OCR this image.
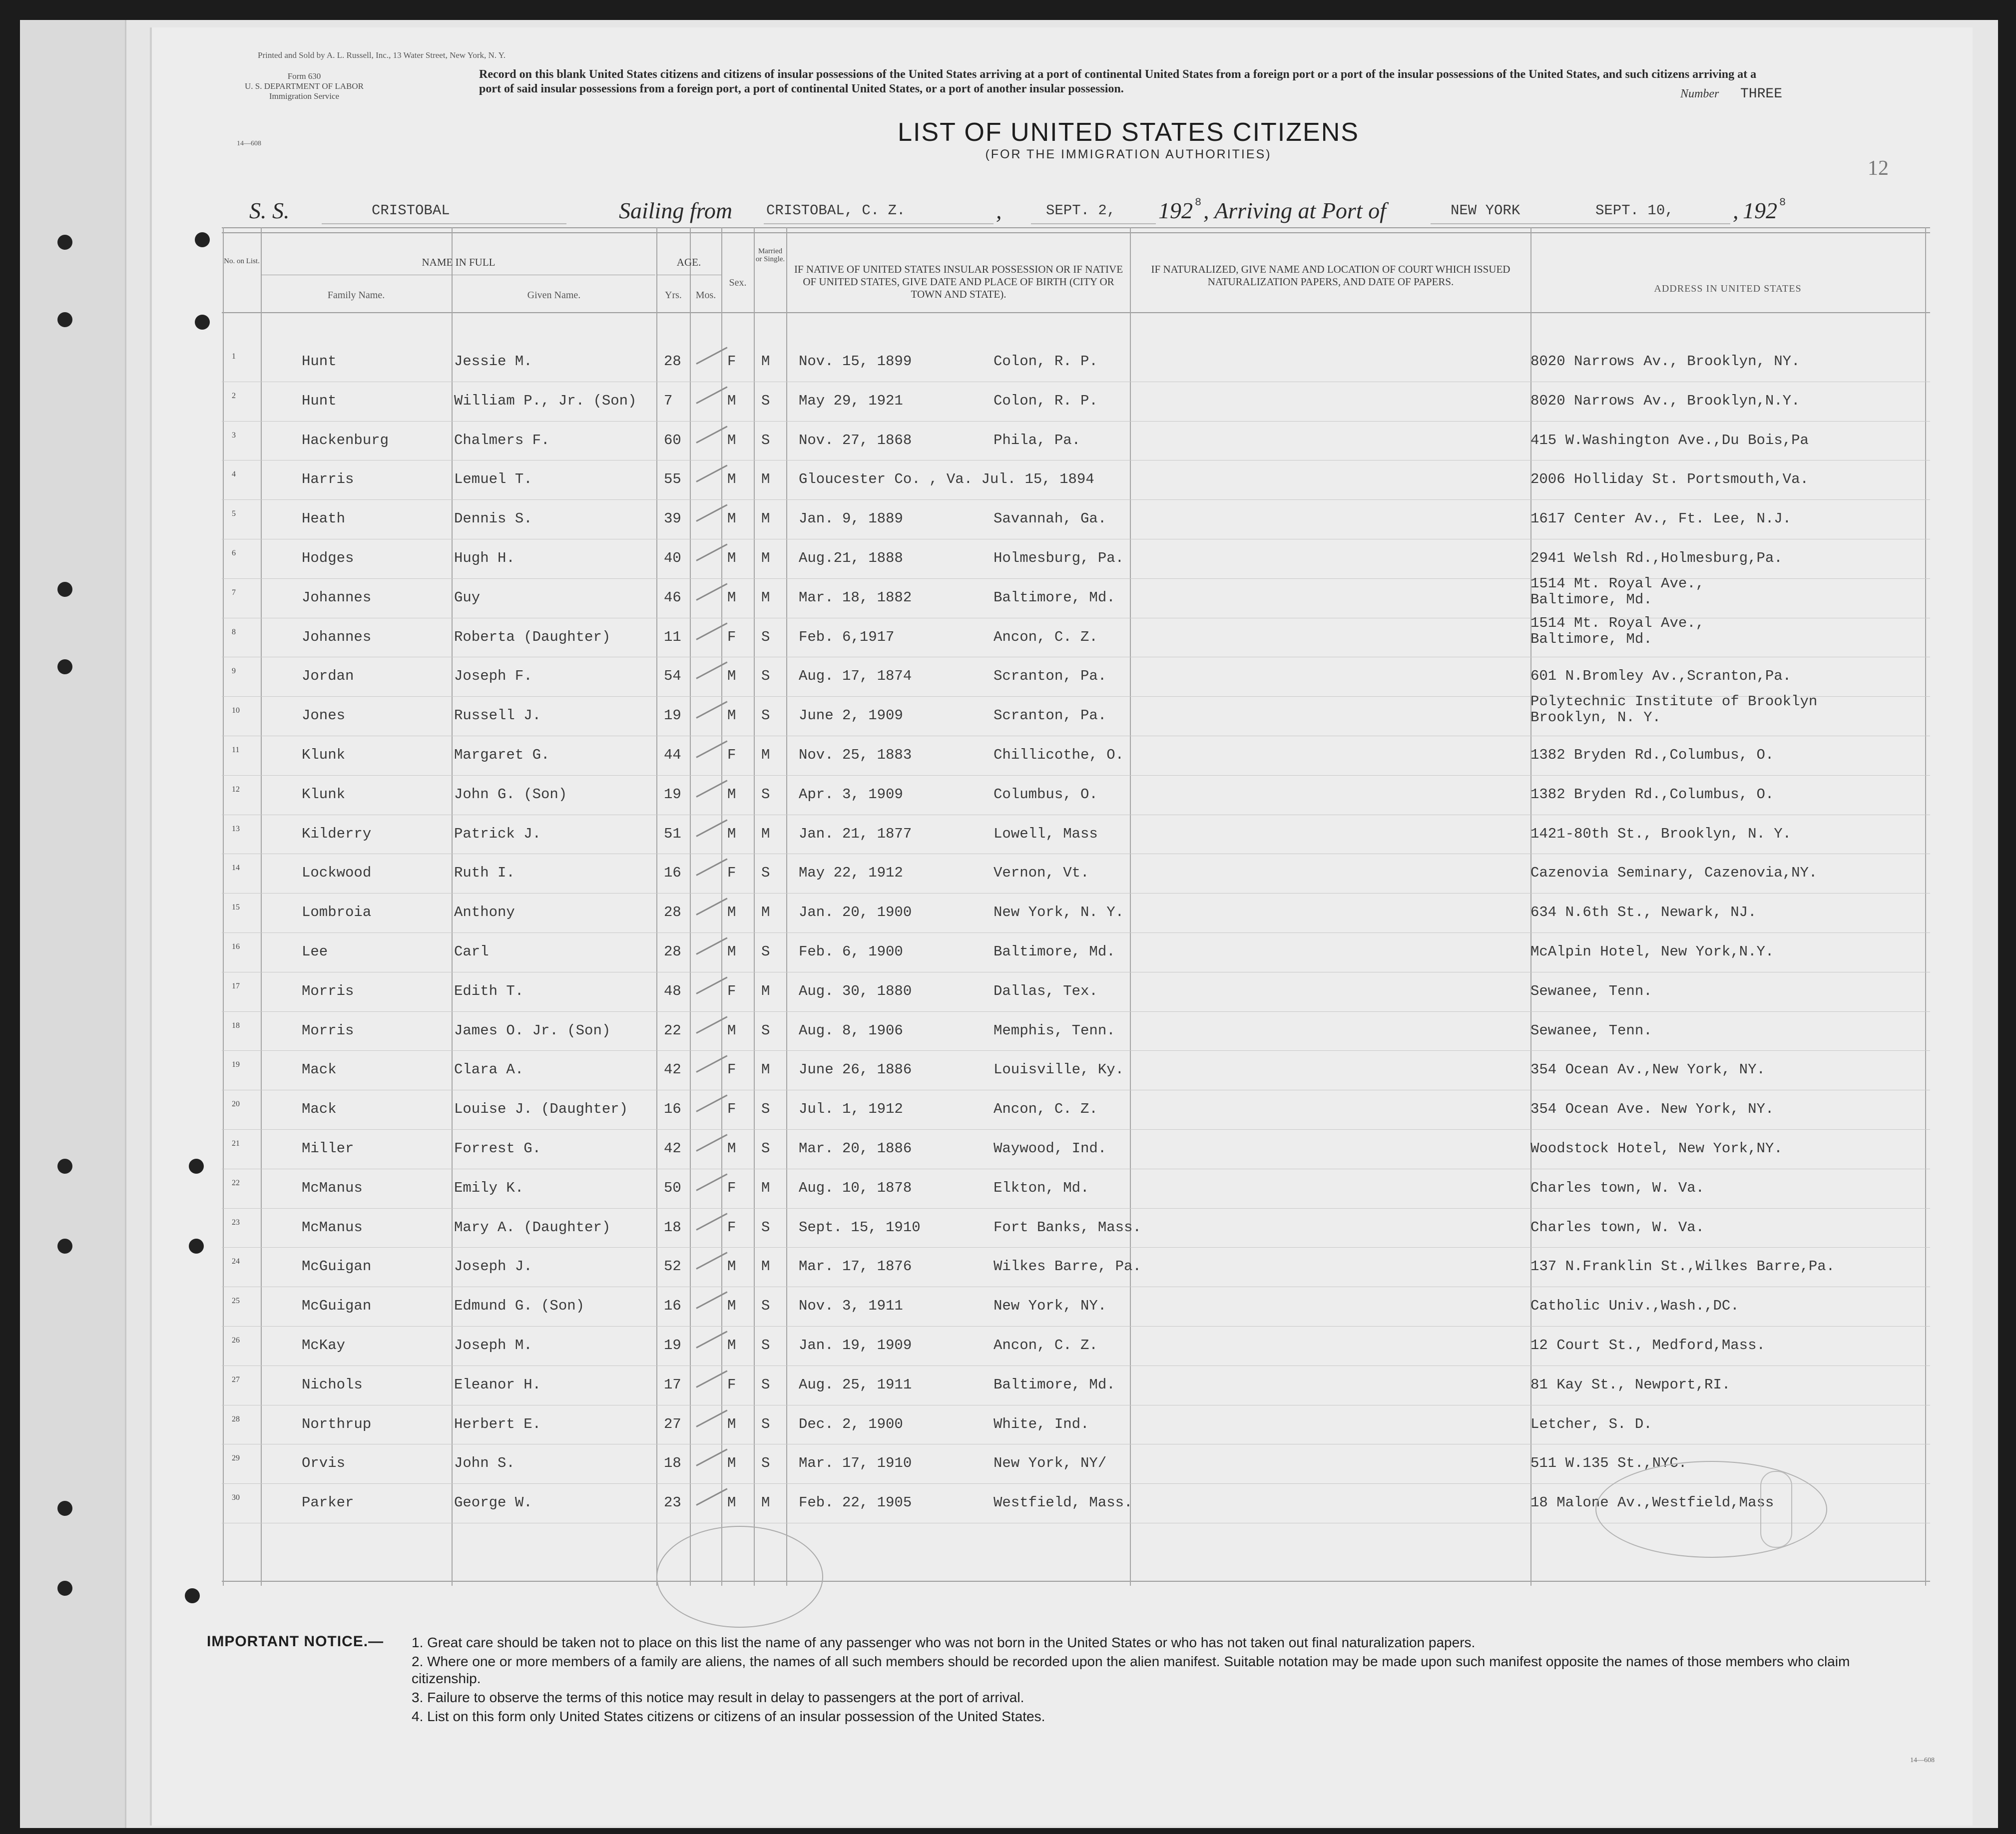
Printed and Sold by A. L. Russell, Inc., 13 Water Street, New York, N. Y.
Form 630
U. S. DEPARTMENT OF LABOR
Immigration Service
14—608
Record on this blank United States citizens and citizens of insular possessions of the United States arriving at a port of continental United States from a foreign port or a port of the insular possessions of the United States, and such citizens arriving at a port of said insular possessions from a foreign port, a port of continental United States, or a port of another insular possession.	Number THREE
LIST OF UNITED STATES CITIZENS
(FOR THE IMMIGRATION AUTHORITIES)
12
S. S.	CRISTOBAL	Sailing from CRISTOBAL, C. Z.	,	SEPT. 2, 192 8 , Arriving at Port of	NEW YORK	SEPT. 10,	, 192 8
No. on List.	NAME IN FULL
Family Name.	Given Name.
AGE.
Yrs.	Mos.
Sex.
Married or Single.
IF NATIVE OF UNITED STATES INSULAR POSSESSION OR IF NATIVE OF UNITED STATES, GIVE DATE AND PLACE OF BIRTH (CITY OR TOWN AND STATE).
IF NATURALIZED, GIVE NAME AND LOCATION OF COURT WHICH ISSUED NATURALIZATION PAPERS, AND DATE OF PAPERS.
ADDRESS IN UNITED STATES
1	Hunt	Jessie M.	28	F M Nov. 15, 1899	Colon, R. P.	8020 Narrows Av., Brooklyn, NY.
2	Hunt	William P., Jr. (Son) 7	M S May 29, 1921	Colon, R. P.	8020 Narrows Av., Brooklyn,N.Y.
3	Hackenburg	Chalmers F.	60	M S Nov. 27, 1868	Phila, Pa.	415 W.Washington Ave.,Du Bois,Pa
4	Harris	Lemuel T.	55	M M Gloucester Co. , Va. Jul. 15, 1894	2006 Holliday St. Portsmouth,Va.
5	Heath	Dennis S.	39	M M Jan. 9, 1889	Savannah, Ga.	1617 Center Av., Ft. Lee, N.J.
6	Hodges	Hugh H.	40	M M Aug.21, 1888	Holmesburg, Pa.	2941 Welsh Rd.,Holmesburg,Pa.
7	Johannes	Guy	46	M M Mar. 18, 1882	Baltimore, Md.
1514 Mt. Royal Ave.,
Baltimore, Md.
8	Johannes	Roberta (Daughter)	11	F S Feb. 6,1917	Ancon, C. Z.
1514 Mt. Royal Ave.,
Baltimore, Md.
9	Jordan	Joseph F.	54	M S Aug. 17, 1874	Scranton, Pa.	601 N.Bromley Av.,Scranton,Pa.
10	Jones	Russell J.	19	M S June 2, 1909	Scranton, Pa.
Polytechnic Institute of Brooklyn
Brooklyn, N. Y.
11	Klunk	Margaret G.	44	F M Nov. 25, 1883	Chillicothe, O.	1382 Bryden Rd.,Columbus, O.
12	Klunk	John G. (Son)	19	M S Apr. 3, 1909	Columbus, O.	1382 Bryden Rd.,Columbus, O.
13	Kilderry	Patrick J.	51	M M Jan. 21, 1877	Lowell, Mass	1421-80th St., Brooklyn, N. Y.
14	Lockwood	Ruth I.	16	F S May 22, 1912	Vernon, Vt.	Cazenovia Seminary, Cazenovia,NY.
15	Lombroia	Anthony	28	M M Jan. 20, 1900	New York, N. Y.	634 N.6th St., Newark, NJ.
16	Lee	Carl	28	M S Feb. 6, 1900	Baltimore, Md.	McAlpin Hotel, New York,N.Y.
17	Morris	Edith T.	48	F M Aug. 30, 1880	Dallas, Tex.	Sewanee, Tenn.
18	Morris	James O. Jr. (Son)	22	M S Aug. 8, 1906	Memphis, Tenn.	Sewanee, Tenn.
19	Mack	Clara A.	42	F M June 26, 1886	Louisville, Ky.	354 Ocean Av.,New York, NY.
20	Mack	Louise J. (Daughter) 16	F S Jul. 1, 1912	Ancon, C. Z.	354 Ocean Ave. New York, NY.
21	Miller	Forrest G.	42	M S Mar. 20, 1886	Waywood, Ind.	Woodstock Hotel, New York,NY.
22	McManus	Emily K.	50	F M Aug. 10, 1878	Elkton, Md.	Charles town, W. Va.
23	McManus	Mary A. (Daughter)	18	F S Sept. 15, 1910	Fort Banks, Mass.	Charles town, W. Va.
24	McGuigan	Joseph J.	52	M M Mar. 17, 1876	Wilkes Barre, Pa.	137 N.Franklin St.,Wilkes Barre,Pa.
25	McGuigan	Edmund G. (Son)	16	M S Nov. 3, 1911	New York, NY.	Catholic Univ.,Wash.,DC.
26	McKay	Joseph M.	19	M S Jan. 19, 1909	Ancon, C. Z.	12 Court St., Medford,Mass.
27	Nichols	Eleanor H.	17	F S Aug. 25, 1911	Baltimore, Md.	81 Kay St., Newport,RI.
28	Northrup	Herbert E.	27	M S Dec. 2, 1900	White, Ind.	Letcher, S. D.
29	Orvis	John S.	18	M S Mar. 17, 1910	New York, NY/	511 W.135 St.,NYC.
30	Parker	George W.	23	M M Feb. 22, 1905	Westfield, Mass.	18 Malone Av.,Westfield,Mass
IMPORTANT NOTICE.— 1. Great care should be taken not to place on this list the name of any passenger who was not born in the United States or who has not taken out final naturalization papers.
2. Where one or more members of a family are aliens, the names of all such members should be recorded upon the alien manifest. Suitable notation may be made upon such manifest opposite the names of those members who claim citizenship.
3. Failure to observe the terms of this notice may result in delay to passengers at the port of arrival.
4. List on this form only United States citizens or citizens of an insular possession of the United States.
14—608
